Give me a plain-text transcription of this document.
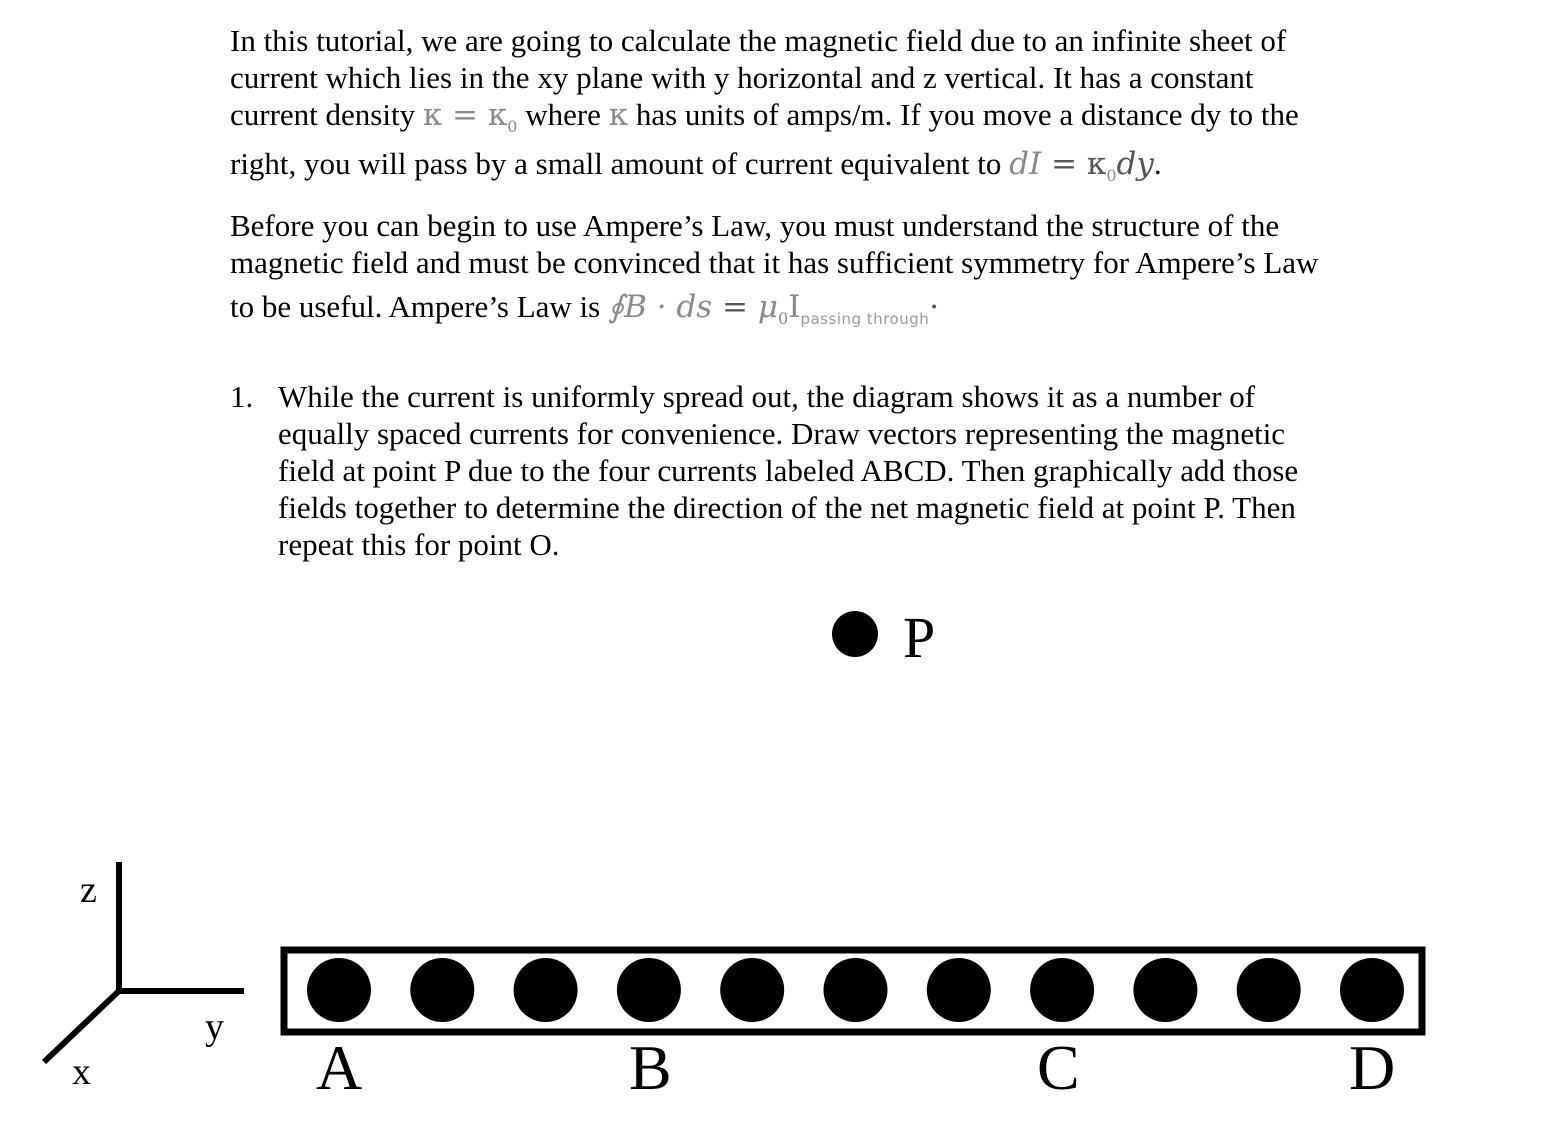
In this tutorial, we are going to calculate the magnetic field due to an infinite sheet of
current which lies in the xy plane with y horizontal and z vertical. It has a constant
current density $\kappa = \kappa_0$ where κ has units of amps/m. If you move a distance dy to the
right, you will pass by a small amount of current equivalent to dI = $\kappa_0dy$.

Before you can begin to use Ampere’s Law, you must understand the structure of the
magnetic field and must be convinced that it has sufficient symmetry for Ampere’s Law
to be useful. Ampere’s Law is ∮B · ds = $\mu_0I_{passing through}\cdot$

1. While the current is uniformly spread out, the diagram shows it as a number of
equally spaced currents for convenience. Draw vectors representing the magnetic
field at point P due to the four currents labeled ABCD. Then graphically add those
fields together to determine the direction of the net magnetic field at point P. Then
repeat this for point O.
P
z
y
x	A	B	C	D
